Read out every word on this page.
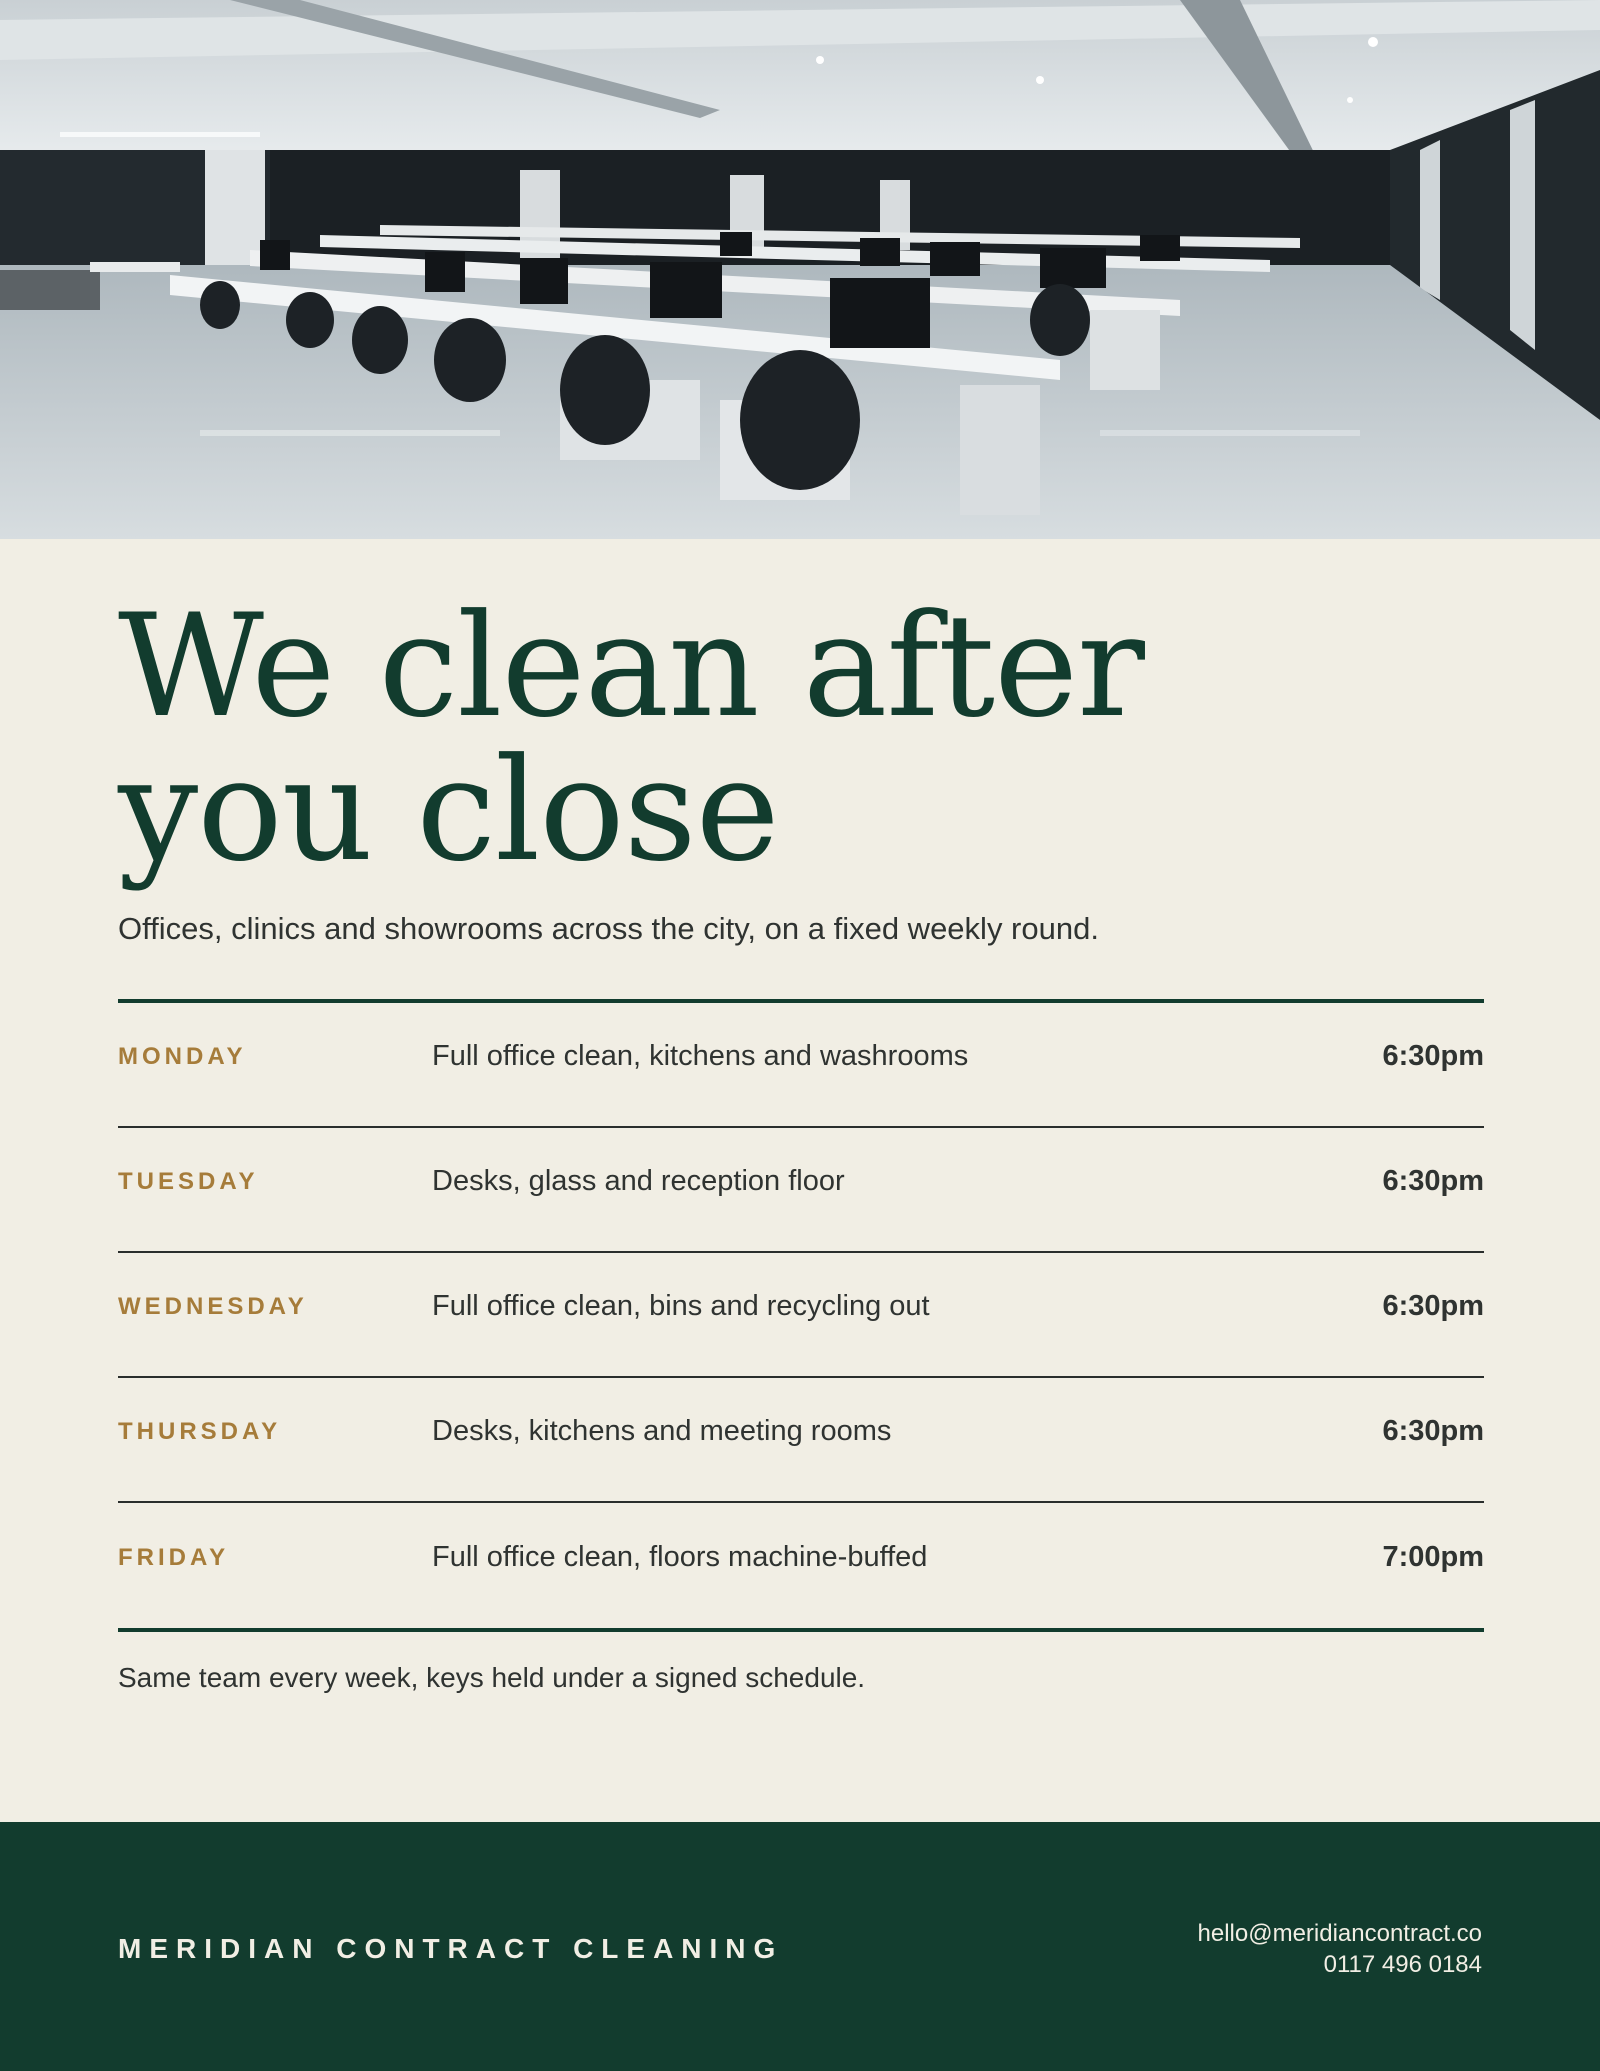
We clean after you close

Offices, clinics and showrooms across the city, on a fixed weekly round.

MONDAY	Full office clean, kitchens and washrooms	6:30pm
TUESDAY	Desks, glass and reception floor	6:30pm
WEDNESDAY	Full office clean, bins and recycling out	6:30pm
THURSDAY	Desks, kitchens and meeting rooms	6:30pm
FRIDAY	Full office clean, floors machine-buffed	7:00pm

Same team every week, keys held under a signed schedule.

MERIDIAN CONTRACT CLEANING	hello@meridiancontract.co
0117 496 0184
